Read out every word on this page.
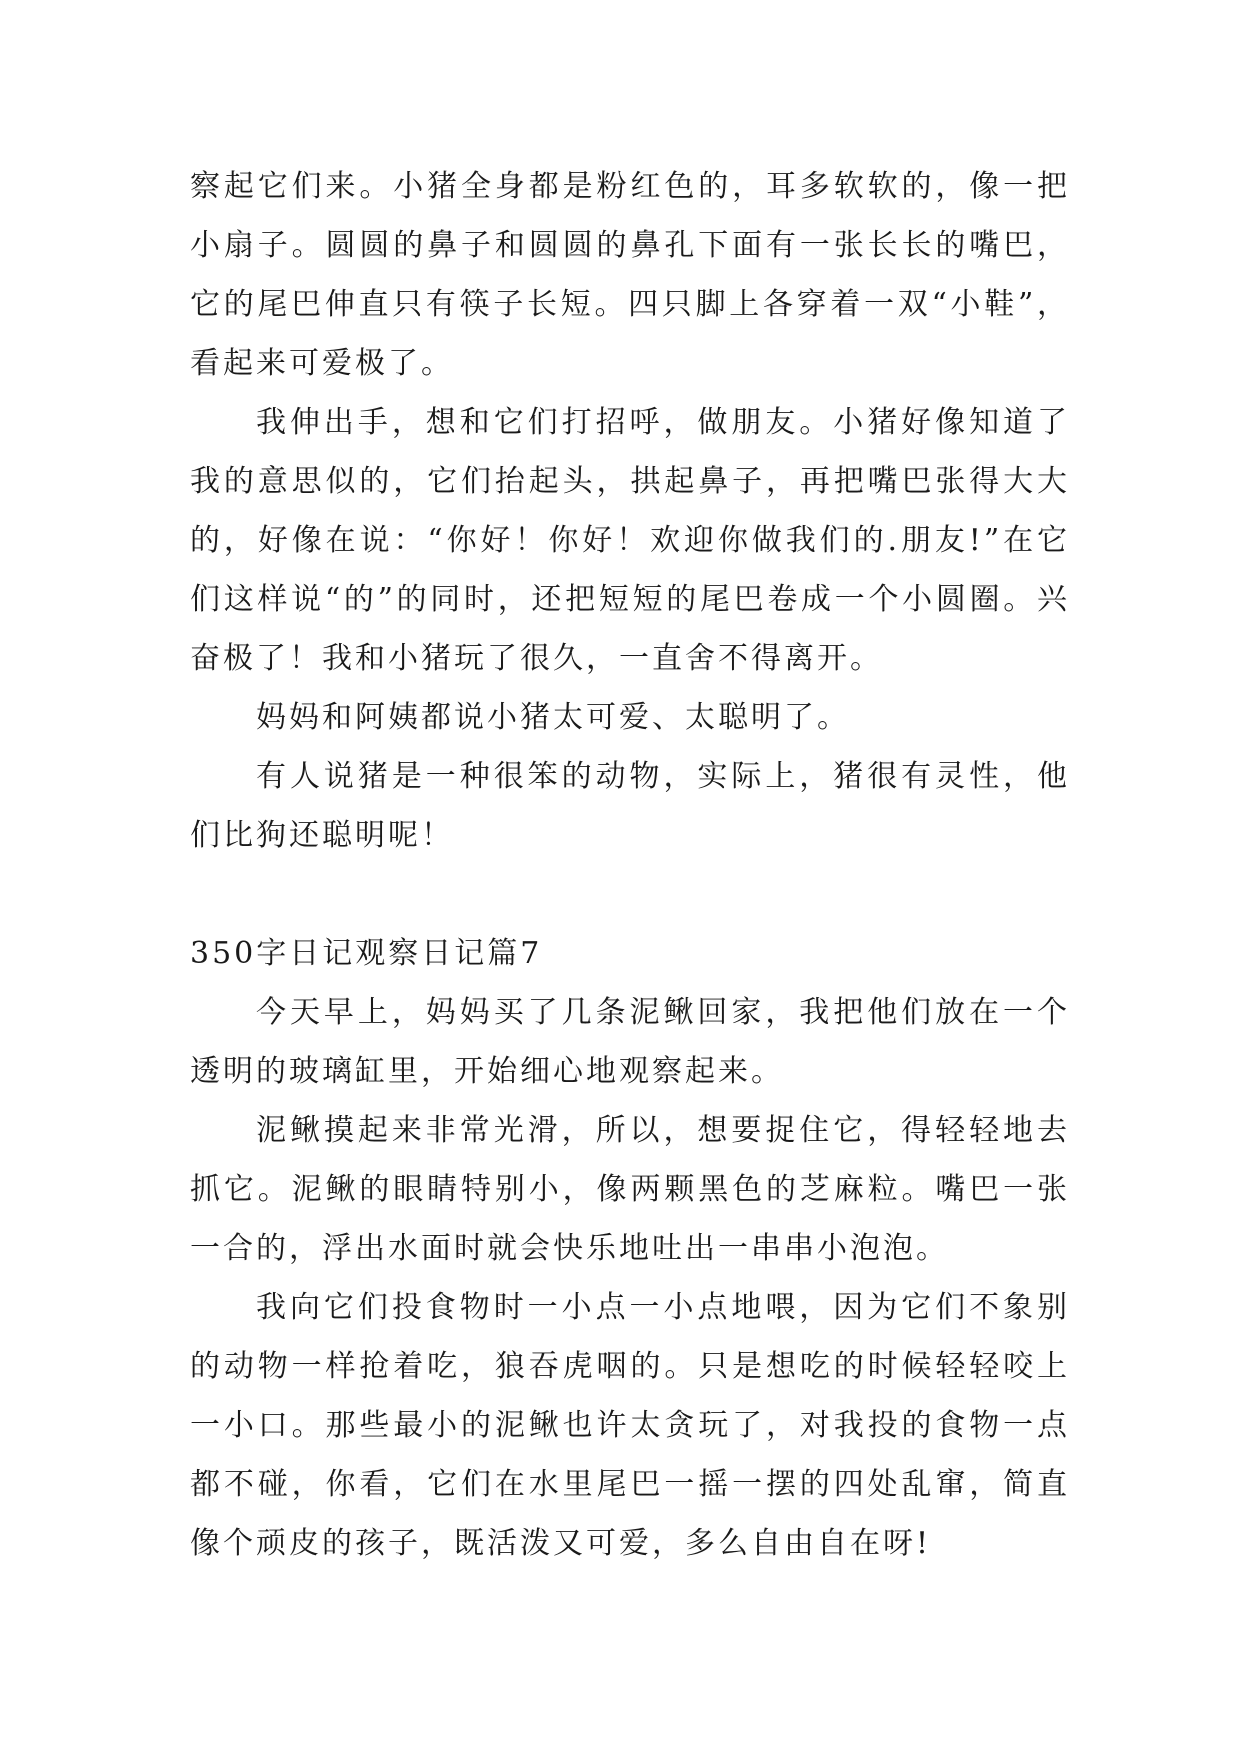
察起它们来。小猪全身都是粉红色的，耳多软软的，像一把小扇子。圆圆的鼻子和圆圆的鼻孔下面有一张长长的嘴巴，它的尾巴伸直只有筷子长短。四只脚上各穿着一双“小鞋”，看起来可爱极了。

我伸出手，想和它们打招呼，做朋友。小猪好像知道了我的意思似的，它们抬起头，拱起鼻子，再把嘴巴张得大大的，好像在说：“你好！你好！欢迎你做我们的.朋友!”在它们这样说“的”的同时，还把短短的尾巴卷成一个小圆圈。兴奋极了！我和小猪玩了很久，一直舍不得离开。

妈妈和阿姨都说小猪太可爱、太聪明了。

有人说猪是一种很笨的动物，实际上，猪很有灵性，他们比狗还聪明呢！

350字日记观察日记篇7

今天早上，妈妈买了几条泥鳅回家，我把他们放在一个透明的玻璃缸里，开始细心地观察起来。

泥鳅摸起来非常光滑，所以，想要捉住它，得轻轻地去抓它。泥鳅的眼睛特别小，像两颗黑色的芝麻粒。嘴巴一张一合的，浮出水面时就会快乐地吐出一串串小泡泡。

我向它们投食物时一小点一小点地喂，因为它们不象别的动物一样抢着吃，狼吞虎咽的。只是想吃的时候轻轻咬上一小口。那些最小的泥鳅也许太贪玩了，对我投的食物一点都不碰，你看，它们在水里尾巴一摇一摆的四处乱窜，简直像个顽皮的孩子，既活泼又可爱，多么自由自在呀!
